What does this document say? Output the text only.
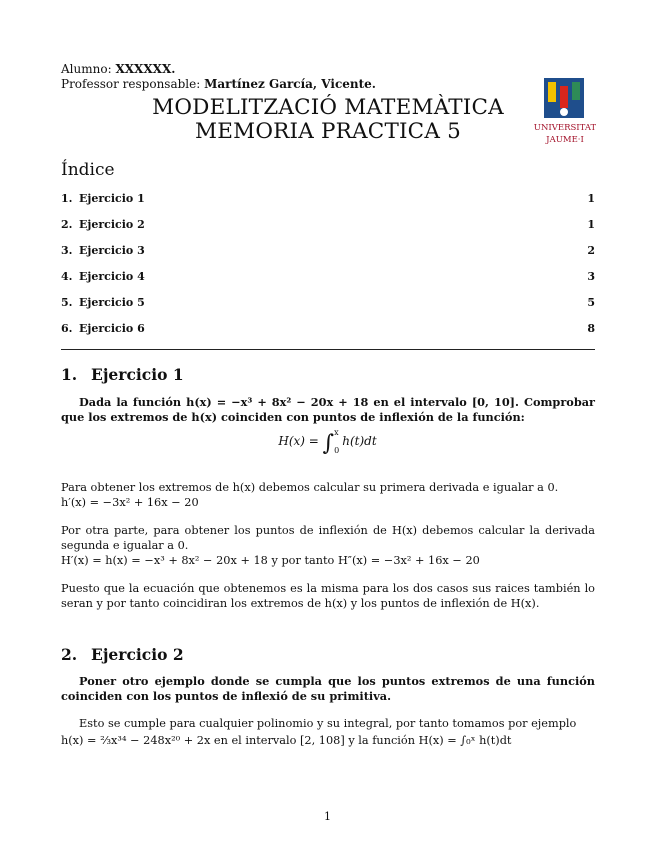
Alumno: XXXXXX.
Professor responsable: Martínez García, Vicente.
MODELITZACIÓ MATEMÀTICA
MEMORIA PRACTICA 5	UNIVERSITAT
JAUME·I
Índice
1. Ejercicio 1	1
2. Ejercicio 2	1
3. Ejercicio 3	2
4. Ejercicio 4	3
5. Ejercicio 5	5
6. Ejercicio 6	8
1. Ejercicio 1
Dada la función h(x) = −x³ + 8x² − 20x + 18 en el intervalo [0, 10]. Comprobar que los extremos de h(x) coinciden con puntos de inflexión de la función:
H(x) = ∫x

0h(t)dt
Para obtener los extremos de h(x) debemos calcular su primera derivada e igualar a 0.
h′(x) = −3x² + 16x − 20
Por otra parte, para obtener los puntos de inflexión de H(x) debemos calcular la derivada segunda e igualar a 0.
H′(x) = h(x) = −x³ + 8x² − 20x + 18 y por tanto H″(x) = −3x² + 16x − 20
Puesto que la ecuación que obtenemos es la misma para los dos casos sus raices también lo seran y por tanto coincidiran los extremos de h(x) y los puntos de inflexión de H(x).
2. Ejercicio 2
Poner otro ejemplo donde se cumpla que los puntos extremos de una función coinciden con los puntos de inflexió de su primitiva.
Esto se cumple para cualquier polinomio y su integral, por tanto tomamos por ejemplo
h(x) = ⅔x³⁴ − 248x²⁰ + 2x en el intervalo [2, 108] y la función H(x) = ∫₀ˣ h(t)dt
1
